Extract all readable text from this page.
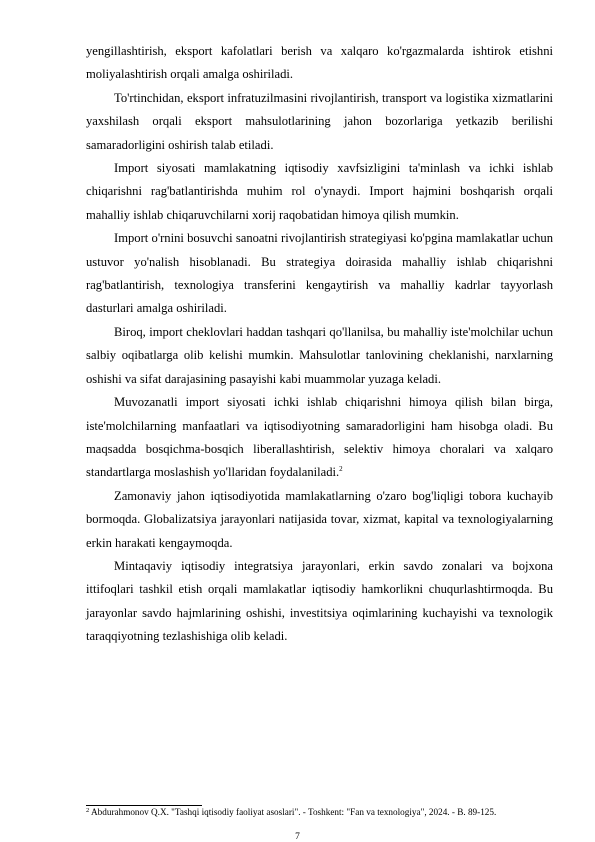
yengillashtirish, eksport kafolatlari berish va xalqaro ko'rgazmalarda ishtirok etishni moliyalashtirish orqali amalga oshiriladi.

To'rtinchidan, eksport infratuzilmasini rivojlantirish, transport va logistika xizmatlarini yaxshilash orqali eksport mahsulotlarining jahon bozorlariga yetkazib berilishi samaradorligini oshirish talab etiladi.

Import siyosati mamlakatning iqtisodiy xavfsizligini ta'minlash va ichki ishlab chiqarishni rag'batlantirishda muhim rol o'ynaydi. Import hajmini boshqarish orqali mahalliy ishlab chiqaruvchilarni xorij raqobatidan himoya qilish mumkin.

Import o'rnini bosuvchi sanoatni rivojlantirish strategiyasi ko'pgina mamlakatlar uchun ustuvor yo'nalish hisoblanadi. Bu strategiya doirasida mahalliy ishlab chiqarishni rag'batlantirish, texnologiya transferini kengaytirish va mahalliy kadrlar tayyorlash dasturlari amalga oshiriladi.

Biroq, import cheklovlari haddan tashqari qo'llanilsa, bu mahalliy iste'molchilar uchun salbiy oqibatlarga olib kelishi mumkin. Mahsulotlar tanlovining cheklanishi, narxlarning oshishi va sifat darajasining pasayishi kabi muammolar yuzaga keladi.

Muvozanatli import siyosati ichki ishlab chiqarishni himoya qilish bilan birga, iste'molchilarning manfaatlari va iqtisodiyotning samaradorligini ham hisobga oladi. Bu maqsadda bosqichma-bosqich liberallashtirish, selektiv himoya choralari va xalqaro standartlarga moslashish yo'llaridan foydalaniladi.$^2$

Zamonaviy jahon iqtisodiyotida mamlakatlarning o'zaro bog'liqligi tobora kuchayib bormoqda. Globalizatsiya jarayonlari natijasida tovar, xizmat, kapital va texnologiyalarning erkin harakati kengaymoqda.

Mintaqaviy iqtisodiy integratsiya jarayonlari, erkin savdo zonalari va bojxona ittifoqlari tashkil etish orqali mamlakatlar iqtisodiy hamkorlikni chuqurlashtirmoqda. Bu jarayonlar savdo hajmlarining oshishi, investitsiya oqimlarining kuchayishi va texnologik taraqqiyotning tezlashishiga olib keladi.

$^2$ Abdurahmonov Q.X. "Tashqi iqtisodiy faoliyat asoslari". - Toshkent: "Fan va texnologiya", 2024. - B. 89-125.

7
